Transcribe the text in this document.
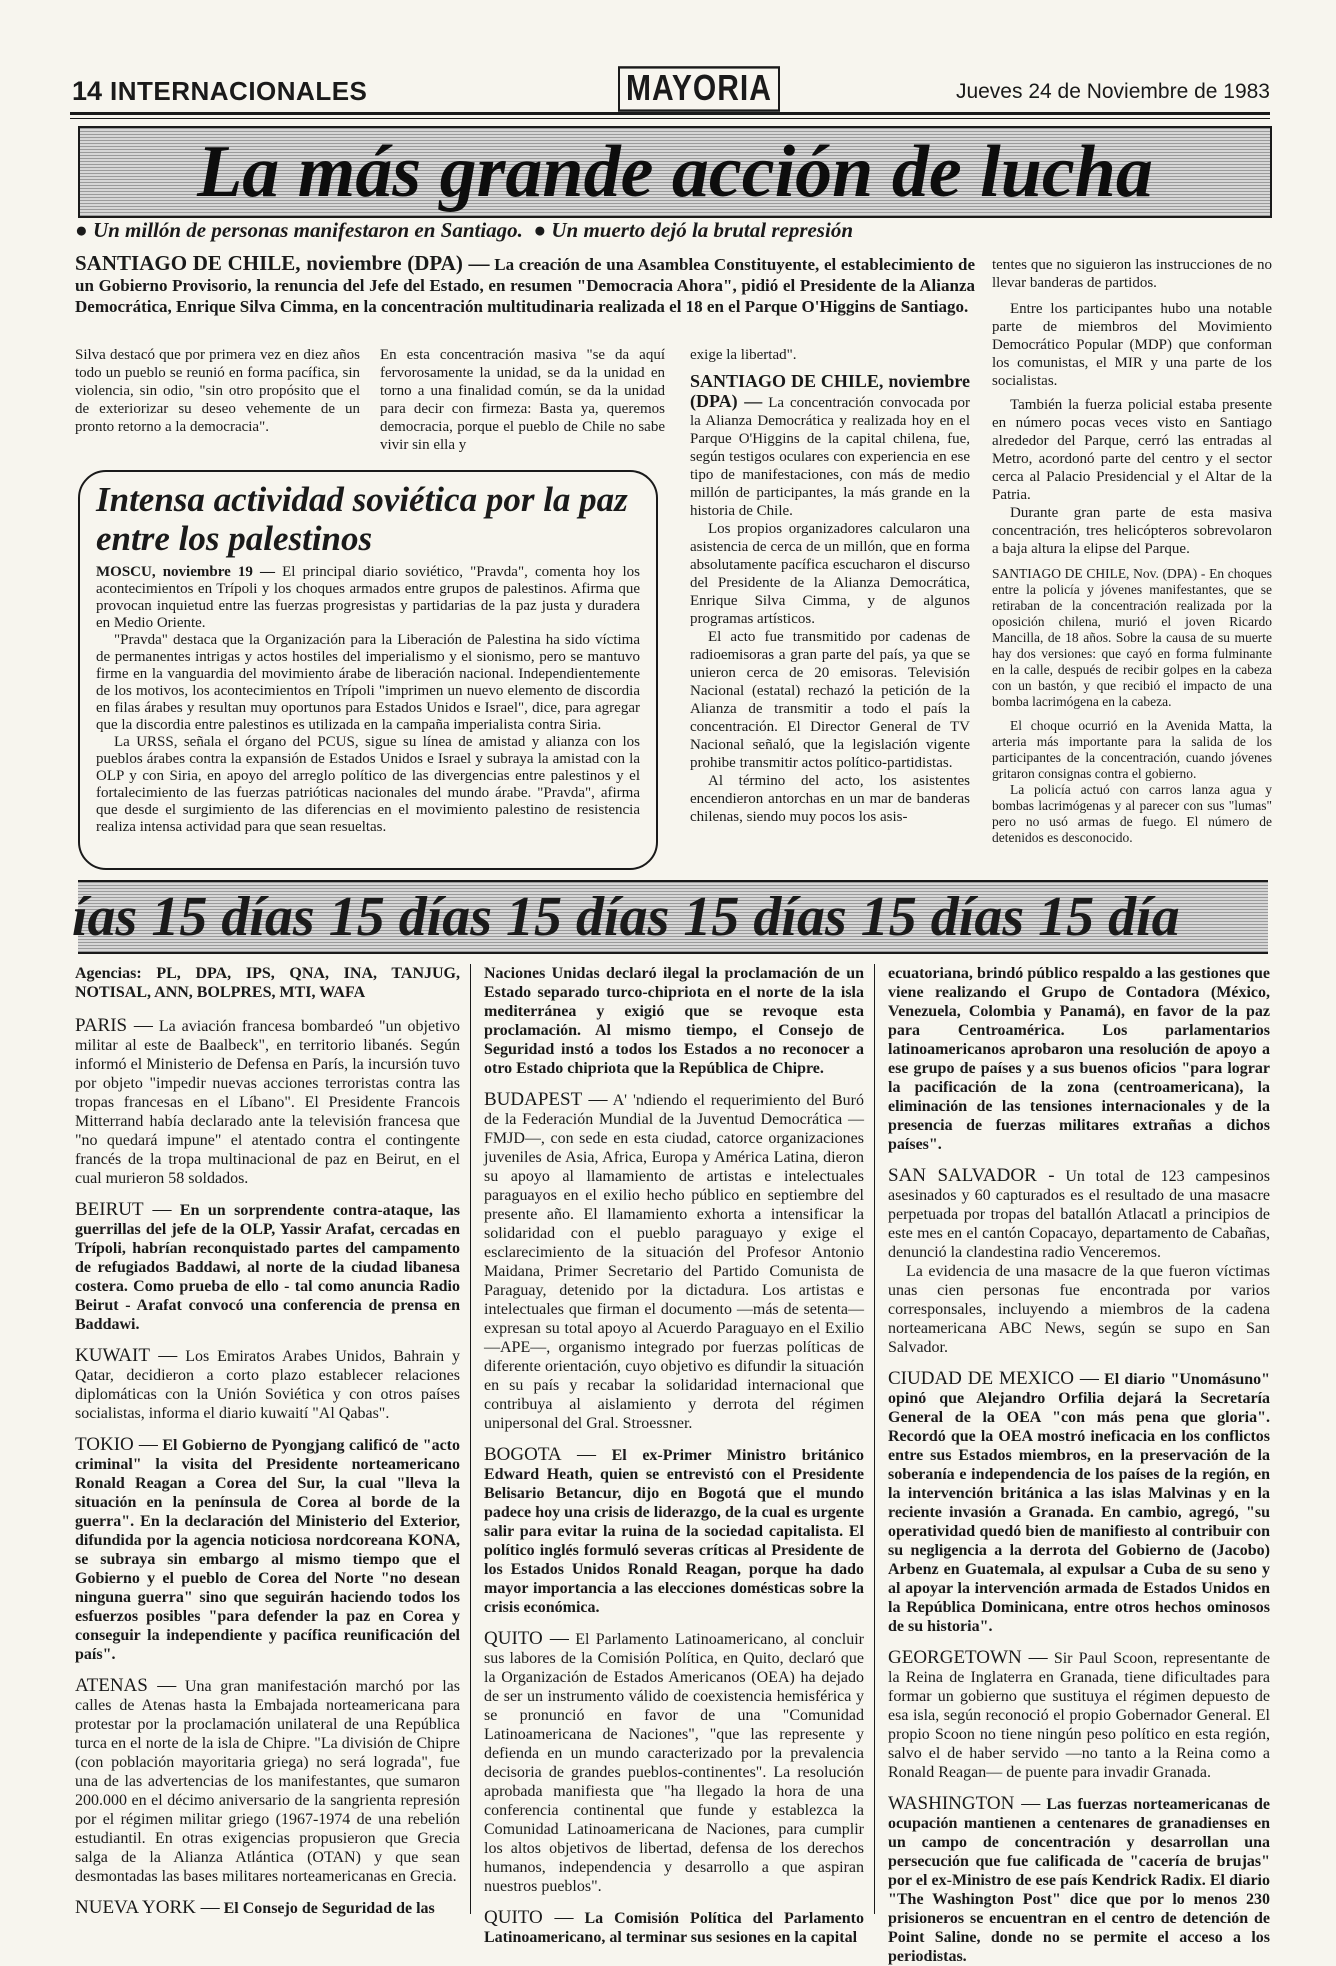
14 INTERNACIONALES	MAYORIA	Jueves 24 de Noviembre de 1983
La más grande acción de lucha
● Un millón de personas manifestaron en Santiago. ● Un muerto dejó la brutal represión
SANTIAGO DE CHILE, noviembre (DPA) — La creación de una Asamblea Constituyente, el establecimiento de un Gobierno Provisorio, la renuncia del Jefe del Estado, en resumen "Democracia Ahora", pidió el Presidente de la Alianza Democrática, Enrique Silva Cimma, en la concentración multitudinaria realizada el 18 en el Parque O'Higgins de Santiago.

Silva destacó que por primera vez en diez años todo un pueblo se reunió en forma pacífica, sin violencia, sin odio, "sin otro propósito que el de exteriorizar su deseo vehemente de un pronto retorno a la democracia".

En esta concentración masiva "se da aquí fervorosamente la unidad, se da la unidad en torno a una finalidad común, se da la unidad para decir con firmeza: Basta ya, queremos democracia, porque el pueblo de Chile no sabe vivir sin ella y

exige la libertad".

SANTIAGO DE CHILE, noviembre (DPA) — La concentración convocada por la Alianza Democrática y realizada hoy en el Parque O'Higgins de la capital chilena, fue, según testigos oculares con experiencia en ese tipo de manifestaciones, con más de medio millón de participantes, la más grande en la historia de Chile.

Los propios organizadores calcularon una asistencia de cerca de un millón, que en forma absolutamente pacífica escucharon el discurso del Presidente de la Alianza Democrática, Enrique Silva Cimma, y de algunos programas artísticos.

El acto fue transmitido por cadenas de radioemisoras a gran parte del país, ya que se unieron cerca de 20 emisoras. Televisión Nacional (estatal) rechazó la petición de la Alianza de transmitir a todo el país la concentración. El Director General de TV Nacional señaló, que la legislación vigente prohibe transmitir actos político-partidistas.

Al término del acto, los asistentes encendieron antorchas en un mar de banderas chilenas, siendo muy pocos los asis-

tentes que no siguieron las instrucciones de no llevar banderas de partidos.

Entre los participantes hubo una notable parte de miembros del Movimiento Democrático Popular (MDP) que conforman los comunistas, el MIR y una parte de los socialistas.

También la fuerza policial estaba presente en número pocas veces visto en Santiago alrededor del Parque, cerró las entradas al Metro, acordonó parte del centro y el sector cerca al Palacio Presidencial y el Altar de la Patria.

Durante gran parte de esta masiva concentración, tres helicópteros sobrevolaron a baja altura la elipse del Parque.

SANTIAGO DE CHILE, Nov. (DPA) - En choques entre la policía y jóvenes manifestantes, que se retiraban de la concentración realizada por la oposición chilena, murió el joven Ricardo Mancilla, de 18 años. Sobre la causa de su muerte hay dos versiones: que cayó en forma fulminante en la calle, después de recibir golpes en la cabeza con un bastón, y que recibió el impacto de una bomba lacrimógena en la cabeza.

El choque ocurrió en la Avenida Matta, la arteria más importante para la salida de los participantes de la concentración, cuando jóvenes gritaron consignas contra el gobierno.

La policía actuó con carros lanza agua y bombas lacrimógenas y al parecer con sus "lumas" pero no usó armas de fuego. El número de detenidos es desconocido.

Intensa actividad soviética por la paz entre los palestinos

MOSCU, noviembre 19 — El principal diario soviético, "Pravda", comenta hoy los acontecimientos en Trípoli y los choques armados entre grupos de palestinos. Afirma que provocan inquietud entre las fuerzas progresistas y partidarias de la paz justa y duradera en Medio Oriente.

"Pravda" destaca que la Organización para la Liberación de Palestina ha sido víctima de permanentes intrigas y actos hostiles del imperialismo y el sionismo, pero se mantuvo firme en la vanguardia del movimiento árabe de liberación nacional. Independientemente de los motivos, los acontecimientos en Trípoli "imprimen un nuevo elemento de discordia en filas árabes y resultan muy oportunos para Estados Unidos e Israel", dice, para agregar que la discordia entre palestinos es utilizada en la campaña imperialista contra Siria.

La URSS, señala el órgano del PCUS, sigue su línea de amistad y alianza con los pueblos árabes contra la expansión de Estados Unidos e Israel y subraya la amistad con la OLP y con Siria, en apoyo del arreglo político de las divergencias entre palestinos y el fortalecimiento de las fuerzas patrióticas nacionales del mundo árabe. "Pravda", afirma que desde el surgimiento de las diferencias en el movimiento palestino de resistencia realiza intensa actividad para que sean resueltas.

ías 15 días 15 días 15 días 15 días 15 días 15 día

Agencias: PL, DPA, IPS, QNA, INA, TANJUG, NOTISAL, ANN, BOLPRES, MTI, WAFA

PARIS — La aviación francesa bombardeó "un objetivo militar al este de Baalbeck", en territorio libanés. Según informó el Ministerio de Defensa en París, la incursión tuvo por objeto "impedir nuevas acciones terroristas contra las tropas francesas en el Líbano". El Presidente Francois Mitterrand había declarado ante la televisión francesa que "no quedará impune" el atentado contra el contingente francés de la tropa multinacional de paz en Beirut, en el cual murieron 58 soldados.

BEIRUT — En un sorprendente contra-ataque, las guerrillas del jefe de la OLP, Yassir Arafat, cercadas en Trípoli, habrían reconquistado partes del campamento de refugiados Baddawi, al norte de la ciudad libanesa costera. Como prueba de ello - tal como anuncia Radio Beirut - Arafat convocó una conferencia de prensa en Baddawi.

KUWAIT — Los Emiratos Arabes Unidos, Bahrain y Qatar, decidieron a corto plazo establecer relaciones diplomáticas con la Unión Soviética y con otros países socialistas, informa el diario kuwaití "Al Qabas".

TOKIO — El Gobierno de Pyongjang calificó de "acto criminal" la visita del Presidente norteamericano Ronald Reagan a Corea del Sur, la cual "lleva la situación en la península de Corea al borde de la guerra". En la declaración del Ministerio del Exterior, difundida por la agencia noticiosa nordcoreana KONA, se subraya sin embargo al mismo tiempo que el Gobierno y el pueblo de Corea del Norte "no desean ninguna guerra" sino que seguirán haciendo todos los esfuerzos posibles "para defender la paz en Corea y conseguir la independiente y pacífica reunificación del país".

ATENAS — Una gran manifestación marchó por las calles de Atenas hasta la Embajada norteamericana para protestar por la proclamación unilateral de una República turca en el norte de la isla de Chipre. "La división de Chipre (con población mayoritaria griega) no será lograda", fue una de las advertencias de los manifestantes, que sumaron 200.000 en el décimo aniversario de la sangrienta represión por el régimen militar griego (1967-1974 de una rebelión estudiantil. En otras exigencias propusieron que Grecia salga de la Alianza Atlántica (OTAN) y que sean desmontadas las bases militares norteamericanas en Grecia.

NUEVA YORK — El Consejo de Seguridad de las

Naciones Unidas declaró ilegal la proclamación de un Estado separado turco-chipriota en el norte de la isla mediterránea y exigió que se revoque esta proclamación. Al mismo tiempo, el Consejo de Seguridad instó a todos los Estados a no reconocer a otro Estado chipriota que la República de Chipre.

BUDAPEST — A' 'ndiendo el requerimiento del Buró de la Federación Mundial de la Juventud Democrática —FMJD—, con sede en esta ciudad, catorce organizaciones juveniles de Asia, Africa, Europa y América Latina, dieron su apoyo al llamamiento de artistas e intelectuales paraguayos en el exilio hecho público en septiembre del presente año. El llamamiento exhorta a intensificar la solidaridad con el pueblo paraguayo y exige el esclarecimiento de la situación del Profesor Antonio Maidana, Primer Secretario del Partido Comunista de Paraguay, detenido por la dictadura. Los artistas e intelectuales que firman el documento —más de setenta— expresan su total apoyo al Acuerdo Paraguayo en el Exilio —APE—, organismo integrado por fuerzas políticas de diferente orientación, cuyo objetivo es difundir la situación en su país y recabar la solidaridad internacional que contribuya al aislamiento y derrota del régimen unipersonal del Gral. Stroessner.

BOGOTA — El ex-Primer Ministro británico Edward Heath, quien se entrevistó con el Presidente Belisario Betancur, dijo en Bogotá que el mundo padece hoy una crisis de liderazgo, de la cual es urgente salir para evitar la ruina de la sociedad capitalista. El político inglés formuló severas críticas al Presidente de los Estados Unidos Ronald Reagan, porque ha dado mayor importancia a las elecciones domésticas sobre la crisis económica.

QUITO — El Parlamento Latinoamericano, al concluir sus labores de la Comisión Política, en Quito, declaró que la Organización de Estados Americanos (OEA) ha dejado de ser un instrumento válido de coexistencia hemisférica y se pronunció en favor de una "Comunidad Latinoamericana de Naciones", "que las represente y defienda en un mundo caracterizado por la prevalencia decisoria de grandes pueblos-continentes". La resolución aprobada manifiesta que "ha llegado la hora de una conferencia continental que funde y establezca la Comunidad Latinoamericana de Naciones, para cumplir los altos objetivos de libertad, defensa de los derechos humanos, independencia y desarrollo a que aspiran nuestros pueblos".

QUITO — La Comisión Política del Parlamento Latinoamericano, al terminar sus sesiones en la capital

ecuatoriana, brindó público respaldo a las gestiones que viene realizando el Grupo de Contadora (México, Venezuela, Colombia y Panamá), en favor de la paz para Centroamérica. Los parlamentarios latinoamericanos aprobaron una resolución de apoyo a ese grupo de países y a sus buenos oficios "para lograr la pacificación de la zona (centroamericana), la eliminación de las tensiones internacionales y de la presencia de fuerzas militares extrañas a dichos países".

SAN SALVADOR - Un total de 123 campesinos asesinados y 60 capturados es el resultado de una masacre perpetuada por tropas del batallón Atlacatl a principios de este mes en el cantón Copacayo, departamento de Cabañas, denunció la clandestina radio Venceremos.

La evidencia de una masacre de la que fueron víctimas unas cien personas fue encontrada por varios corresponsales, incluyendo a miembros de la cadena norteamericana ABC News, según se supo en San Salvador.

CIUDAD DE MEXICO — El diario "Unomásuno" opinó que Alejandro Orfilia dejará la Secretaría General de la OEA "con más pena que gloria". Recordó que la OEA mostró ineficacia en los conflictos entre sus Estados miembros, en la preservación de la soberanía e independencia de los países de la región, en la intervención británica a las islas Malvinas y en la reciente invasión a Granada. En cambio, agregó, "su operatividad quedó bien de manifiesto al contribuir con su negligencia a la derrota del Gobierno de (Jacobo) Arbenz en Guatemala, al expulsar a Cuba de su seno y al apoyar la intervención armada de Estados Unidos en la República Dominicana, entre otros hechos ominosos de su historia".

GEORGETOWN — Sir Paul Scoon, representante de la Reina de Inglaterra en Granada, tiene dificultades para formar un gobierno que sustituya el régimen depuesto de esa isla, según reconoció el propio Gobernador General. El propio Scoon no tiene ningún peso político en esta región, salvo el de haber servido —no tanto a la Reina como a Ronald Reagan— de puente para invadir Granada.

WASHINGTON — Las fuerzas norteamericanas de ocupación mantienen a centenares de granadienses en un campo de concentración y desarrollan una persecución que fue calificada de "cacería de brujas" por el ex-Ministro de ese país Kendrick Radix. El diario "The Washington Post" dice que por lo menos 230 prisioneros se encuentran en el centro de detención de Point Saline, donde no se permite el acceso a los periodistas.
